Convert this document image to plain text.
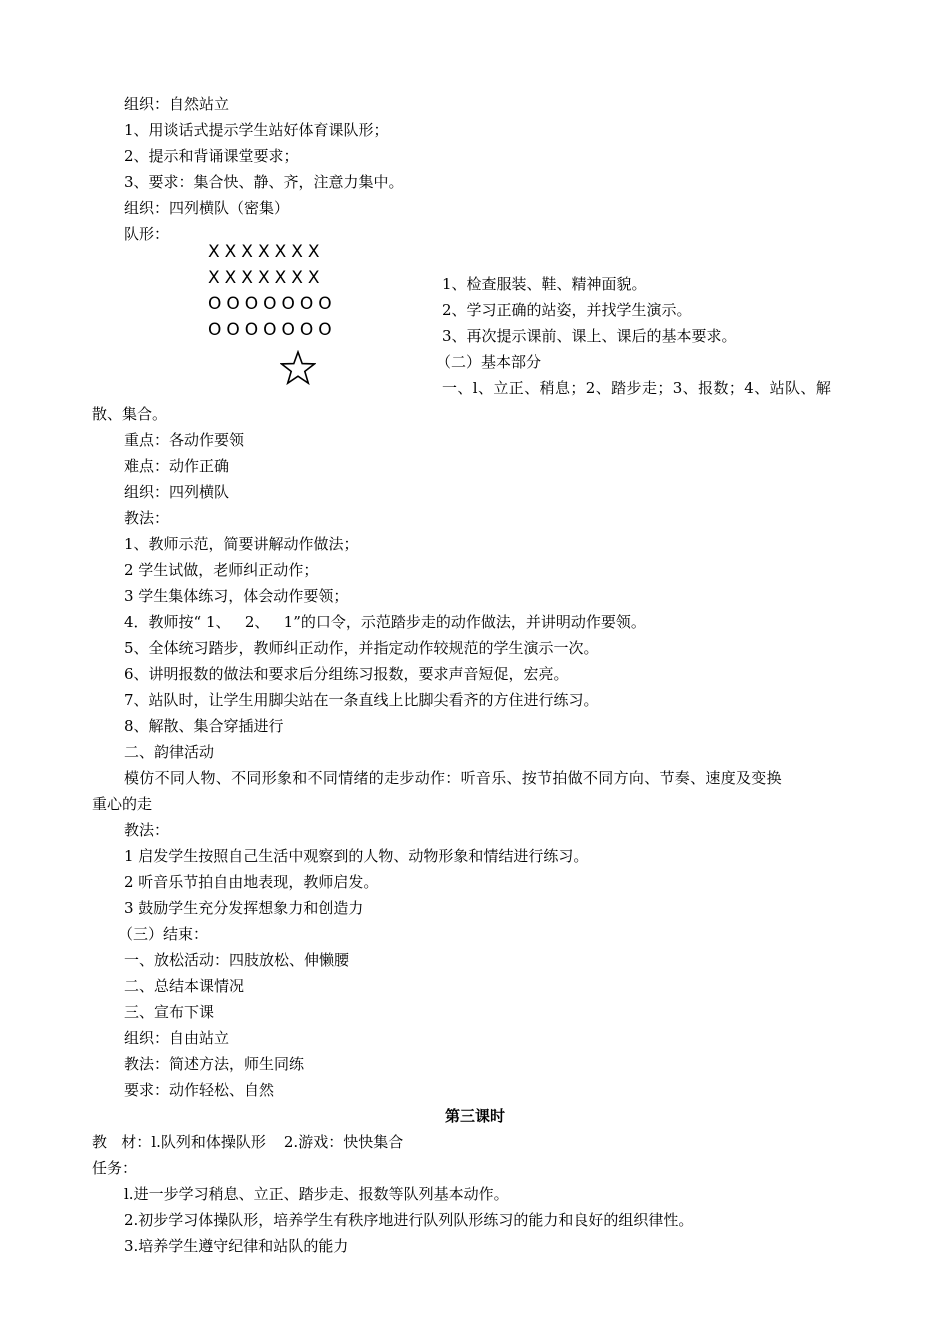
组织：自然站立
1、用谈话式提示学生站好体育课队形；
2、提示和背诵课堂要求；
3、要求：集合快、静、齐，注意力集中。
组织：四列横队（密集）
队形：
XXXXXXX
XXXXXXX
OOOOOOO
OOOOOOO
1、检查服装、鞋、精神面貌。
2、学习正确的站姿，并找学生演示。
3、再次提示课前、课上、课后的基本要求。
（二）基本部分
一、l、立正、稍息；2、踏步走；3、报数；4、站队、解
散、集合。
重点：各动作要领
难点：动作正确
组织：四列横队
教法：
1、教师示范，简要讲解动作做法；
2 学生试做，老师纠正动作；
3 学生集体练习，体会动作要领；
4．教师按“ 1、   2、   1”的口令，示范踏步走的动作做法，并讲明动作要领。
5、全体统习踏步，教师纠正动作，并指定动作较规范的学生演示一次。
6、讲明报数的做法和要求后分组练习报数，要求声音短促，宏亮。
7、站队时，让学生用脚尖站在一条直线上比脚尖看齐的方住进行练习。
8、解散、集合穿插进行
二、韵律活动
模仿不同人物、不同形象和不同情绪的走步动作：听音乐、按节拍做不同方向、节奏、速度及变换
重心的走
教法：
1 启发学生按照自己生活中观察到的人物、动物形象和情结进行练习。
2 听音乐节拍自由地表现，教师启发。
3 鼓励学生充分发挥想象力和创造力
（三）结束：
一、放松活动：四肢放松、伸懒腰
二、总结本课情况
三、宣布下课
组织：自由站立
教法：简述方法，师生同练
要求：动作轻松、自然
第三课时
教   材：l.队列和体操队形 2.游戏：快快集合
任务：
l.进一步学习稍息、立正、踏步走、报数等队列基本动作。
2.初步学习体操队形，培养学生有秩序地进行队列队形练习的能力和良好的组织律性。
3.培养学生遵守纪律和站队的能力
